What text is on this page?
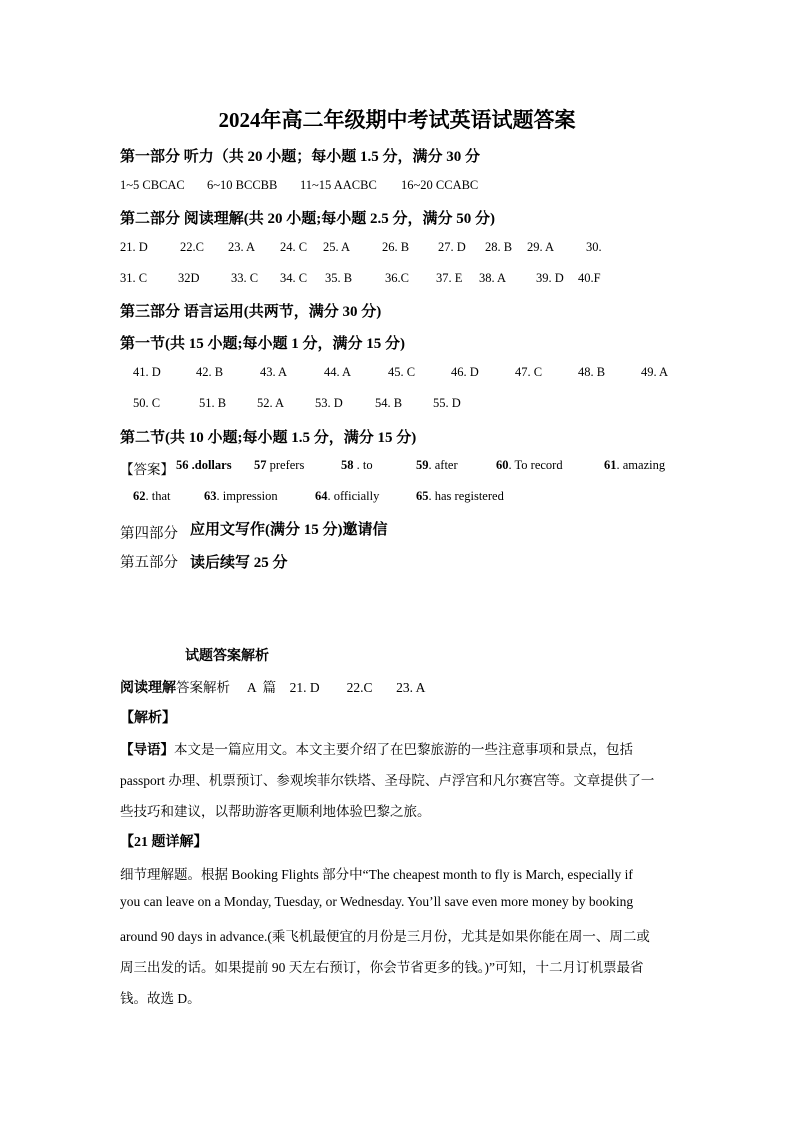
2024年高二年级期中考试英语试题答案
第一部分 听力（共 20 小题；每小题 1.5 分，满分 30 分
1~5 CBCAC 6~10 BCCBB 11~15 AACBC 16~20 CCABC
第二部分 阅读理解(共 20 小题;每小题 2.5 分，满分 50 分)
21. D	22.C 23. A 24. C 25. A	26. B 27. D 28. B 29. A	30.
31. C 32D	33. C 34. C 35. B	36.C 37. E 38. A 39. D 40.F
第三部分 语言运用(共两节，满分 30 分)
第一节(共 15 小题;每小题 1 分，满分 15 分)
41. D	42. B	43. A	44. A	45. C	46. D	47. C	48. B	49. A
50. C	51. B 52. A 53. D	54. B 55. D
第二节(共 10 小题;每小题 1.5 分，满分 15 分)
【答案】 56 .dollars 57 prefers	58 . to	59. after	60. To record	61. amazing
62. that	63. impression	64. officially	65. has registered
第四部分 应用文写作(满分 15 分)邀请信
第五部分 读后续写 25 分
试题答案解析
阅读理解答案解析     A  篇    21. D        22.C       23. A
【解析】
【导语】本文是一篇应用文。本文主要介绍了在巴黎旅游的一些注意事项和景点，包括
passport 办理、机票预订、参观埃菲尔铁塔、圣母院、卢浮宫和凡尔赛宫等。文章提供了一
些技巧和建议，以帮助游客更顺利地体验巴黎之旅。
【21 题详解】
细节理解题。根据 Booking Flights 部分中“The cheapest month to fly is March, especially if
you can leave on a Monday, Tuesday, or Wednesday. You’ll save even more money by booking
around 90 days in advance.(乘飞机最便宜的月份是三月份，尤其是如果你能在周一、周二或
周三出发的话。如果提前 90 天左右预订，你会节省更多的钱。)”可知，十二月订机票最省
钱。故选 D。
